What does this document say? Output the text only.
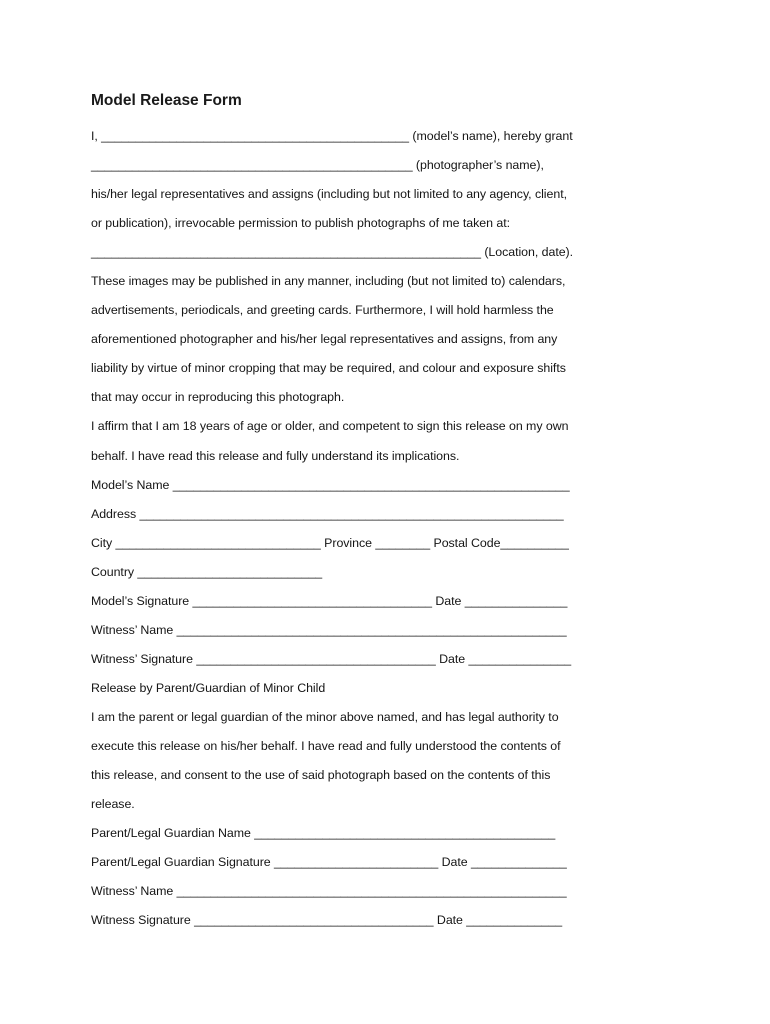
Model Release Form
I, _____________________________________________ (model’s name), hereby grant
_______________________________________________ (photographer’s name),
his/her legal representatives and assigns (including but not limited to any agency, client,
or publication), irrevocable permission to publish photographs of me taken at:
_________________________________________________________ (Location, date).
These images may be published in any manner, including (but not limited to) calendars,
advertisements, periodicals, and greeting cards. Furthermore, I will hold harmless the
aforementioned photographer and his/her legal representatives and assigns, from any
liability by virtue of minor cropping that may be required, and colour and exposure shifts
that may occur in reproducing this photograph.
I affirm that I am 18 years of age or older, and competent to sign this release on my own
behalf. I have read this release and fully understand its implications.
Model’s Name __________________________________________________________
Address ______________________________________________________________
City ______________________________ Province ________ Postal Code__________
Country ___________________________
Model’s Signature ___________________________________ Date _______________
Witness’ Name _________________________________________________________
Witness’ Signature ___________________________________ Date _______________
Release by Parent/Guardian of Minor Child
I am the parent or legal guardian of the minor above named, and has legal authority to
execute this release on his/her behalf. I have read and fully understood the contents of
this release, and consent to the use of said photograph based on the contents of this
release.
Parent/Legal Guardian Name ____________________________________________
Parent/Legal Guardian Signature ________________________ Date ______________
Witness’ Name _________________________________________________________
Witness Signature ___________________________________ Date ______________
